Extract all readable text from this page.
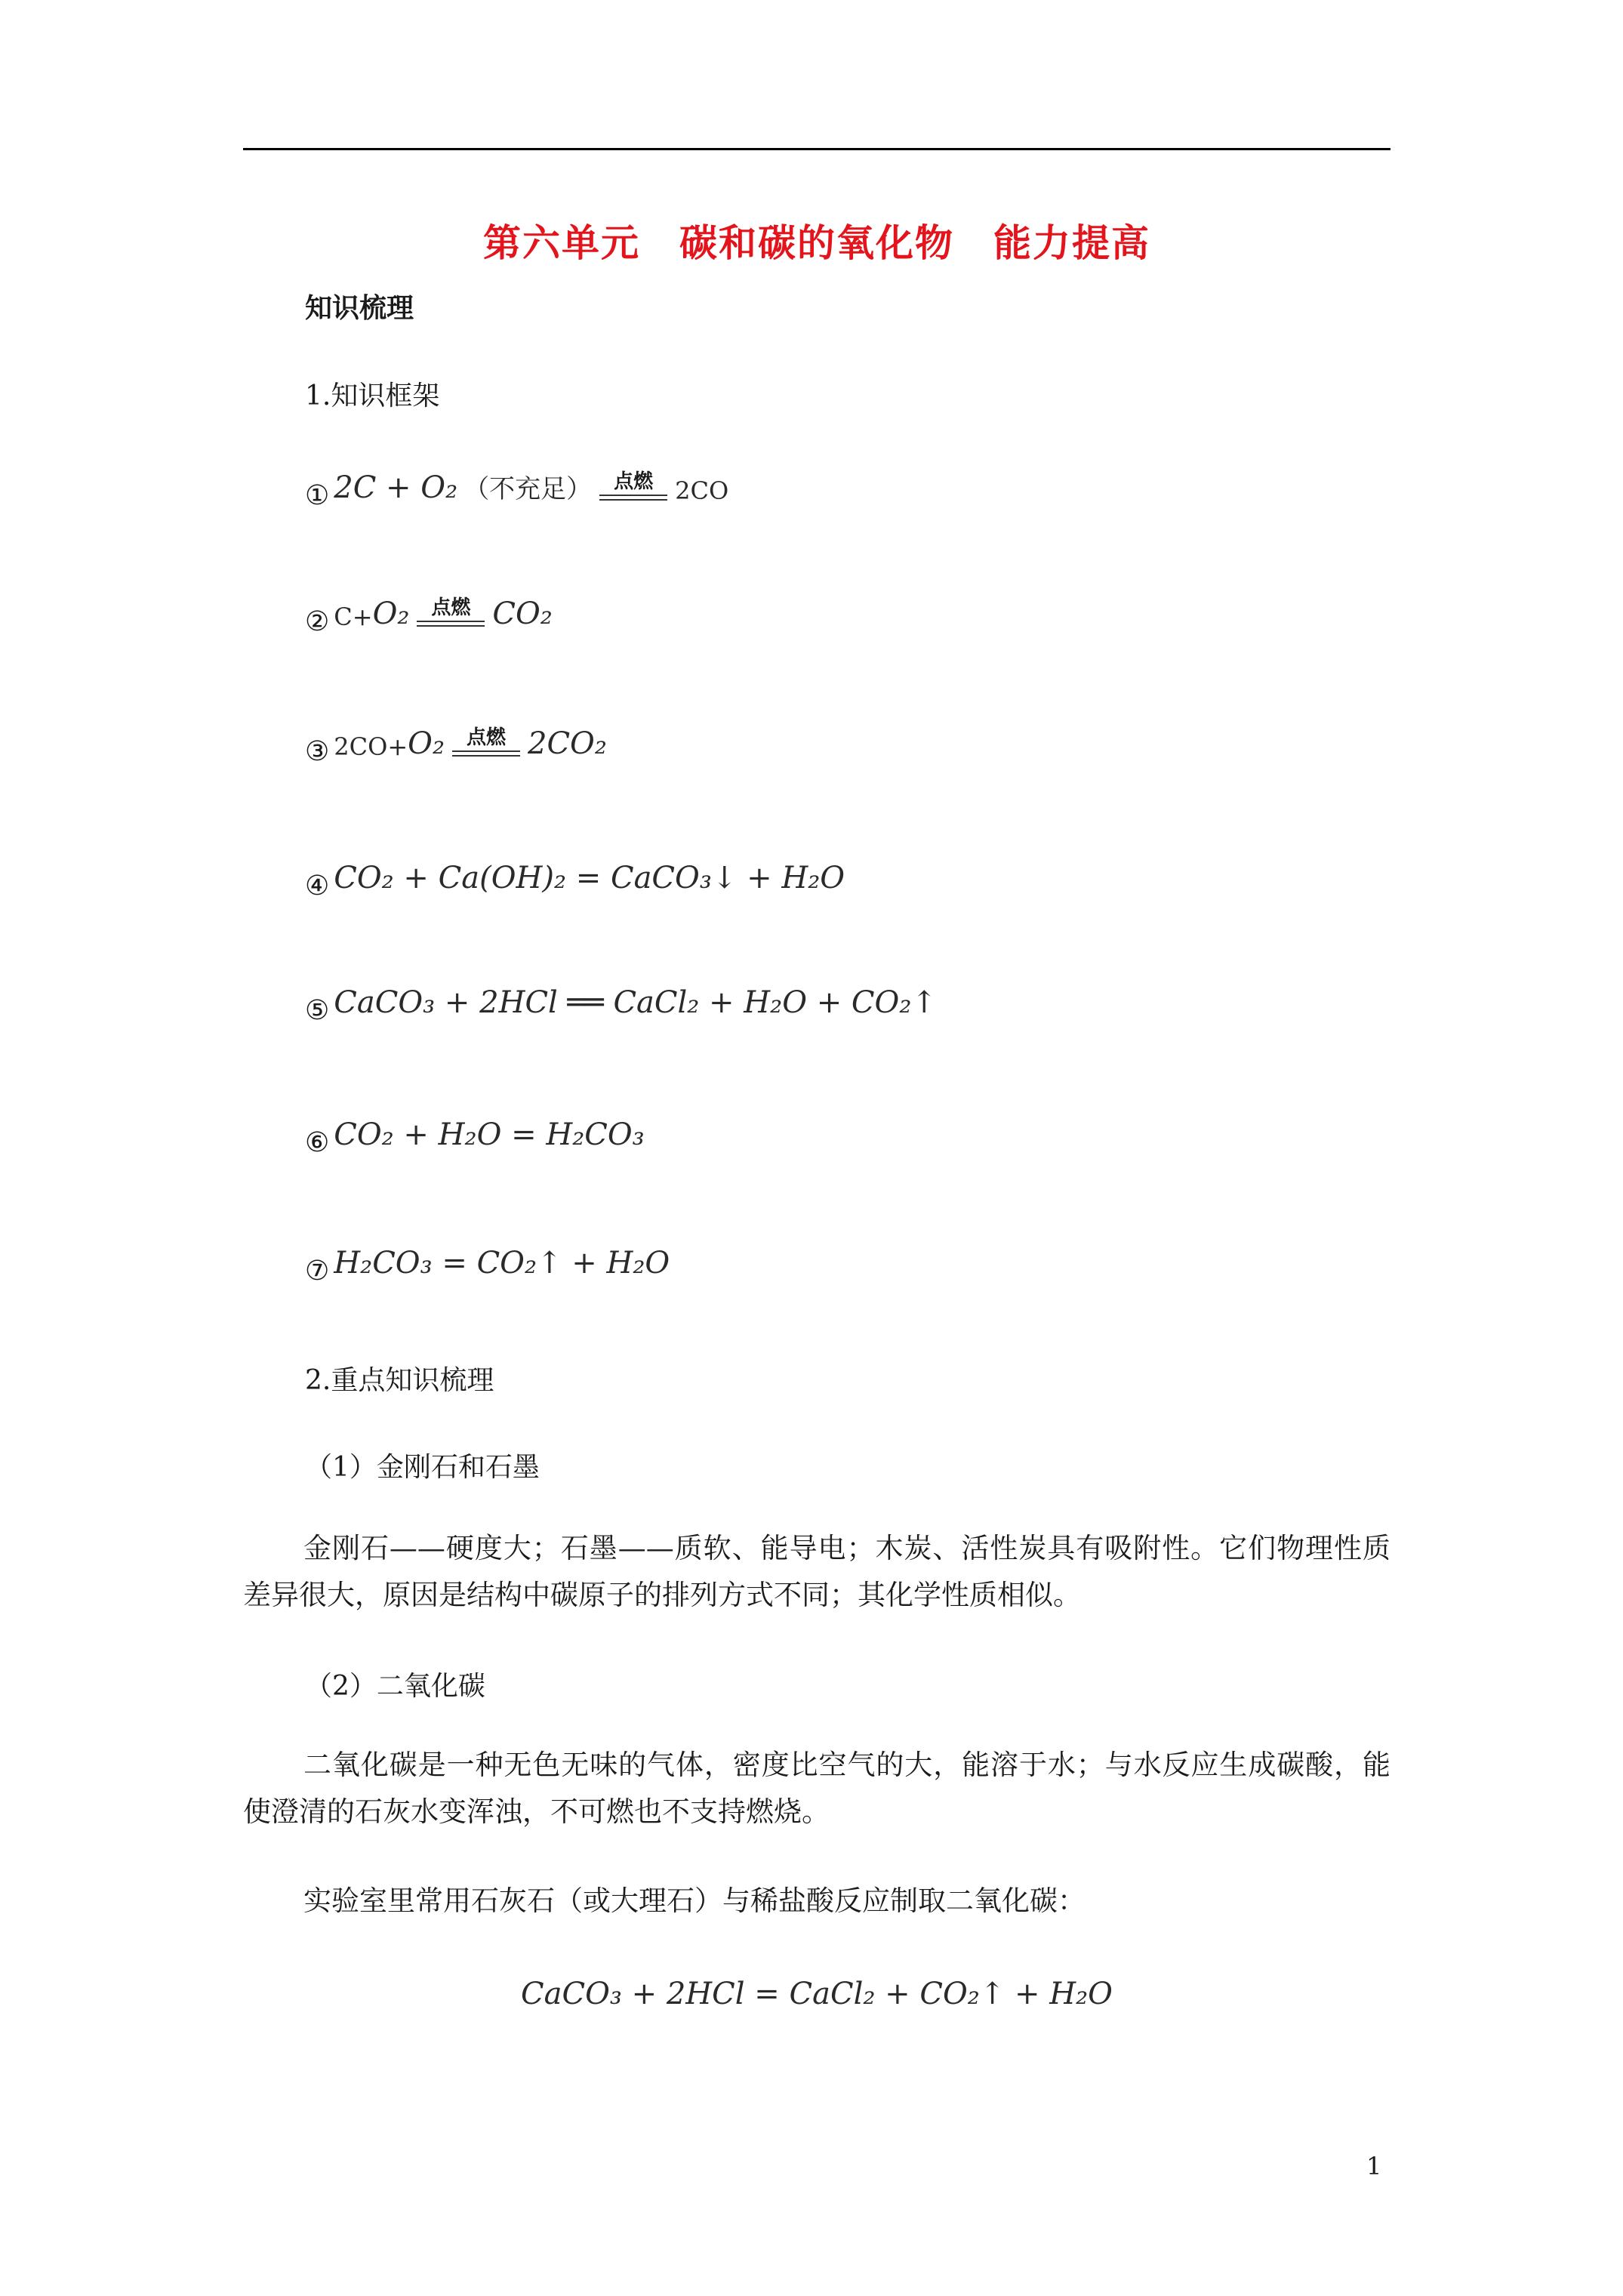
第六单元　碳和碳的氧化物　能力提高
知识梳理
1.知识框架
① 2C + O₂ （不充足） 点燃 2CO
② C+ O₂ 点燃 CO₂
③ 2CO+ O₂ 点燃 2CO₂
④ CO₂ + Ca(OH)₂ = CaCO₃↓ + H₂O
⑤ CaCO₃ + 2HCl ══ CaCl₂ + H₂O + CO₂↑
⑥ CO₂ + H₂O = H₂CO₃
⑦ H₂CO₃ = CO₂↑ + H₂O
2.重点知识梳理
（1）金刚石和石墨
金刚石——硬度大；石墨——质软、能导电；木炭、活性炭具有吸附性。它们物理性质差异很大，原因是结构中碳原子的排列方式不同；其化学性质相似。
（2）二氧化碳
二氧化碳是一种无色无味的气体，密度比空气的大，能溶于水；与水反应生成碳酸，能使澄清的石灰水变浑浊，不可燃也不支持燃烧。
实验室里常用石灰石（或大理石）与稀盐酸反应制取二氧化碳：
CaCO₃ + 2HCl = CaCl₂ + CO₂↑ + H₂O
1
